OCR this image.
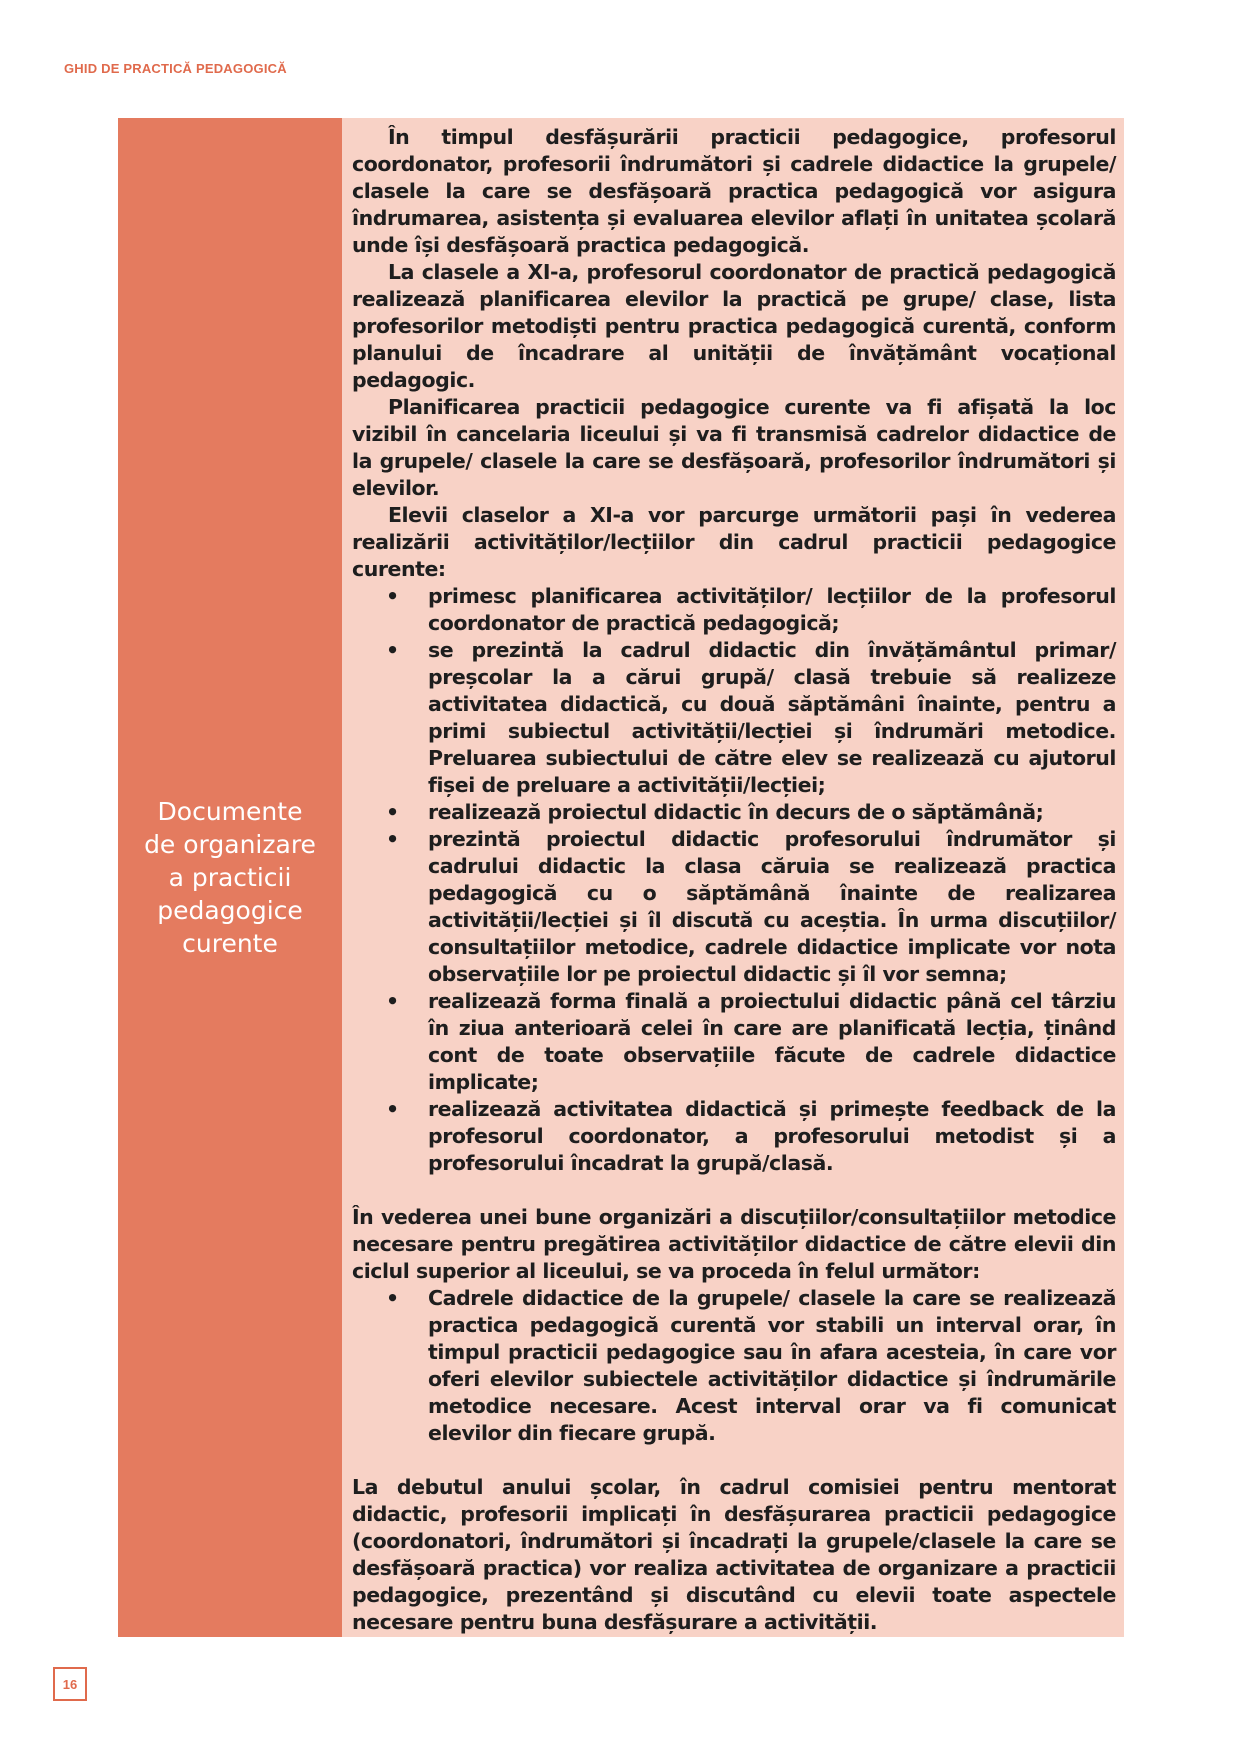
GHID DE PRACTICĂ PEDAGOGICĂ
Documente
de organizare
a practicii
pedagogice
curente

În timpul desfășurării practicii pedagogice, profesorul coordonator, profesorii îndrumători și cadrele didactice la grupele/ clasele la care se desfășoară practica pedagogică vor asigura îndrumarea, asistența și evaluarea elevilor aflați în unitatea școlară unde își desfășoară practica pedagogică.

La clasele a XI-a, profesorul coordonator de practică pedagogică realizează planificarea elevilor la practică pe grupe/ clase, lista profesorilor metodiști pentru practica pedagogică curentă, conform planului de încadrare al unității de învățământ vocațional pedagogic.

Planificarea practicii pedagogice curente va fi afișată la loc vizibil în cancelaria liceului și va fi transmisă cadrelor didactice de la grupele/ clasele la care se desfășoară, profesorilor îndrumători și elevilor.

Elevii claselor a XI-a vor parcurge următorii pași în vederea realizării activităților/lecțiilor din cadrul practicii pedagogice curente:

• primesc planificarea activităților/ lecțiilor de la profesorul coordonator de practică pedagogică;
• se prezintă la cadrul didactic din învățământul primar/ preșcolar la a cărui grupă/ clasă trebuie să realizeze activitatea didactică, cu două săptămâni înainte, pentru a primi subiectul activității/lecției și îndrumări metodice. Preluarea subiectului de către elev se realizează cu ajutorul fișei de preluare a activității/lecției;
• realizează proiectul didactic în decurs de o săptămână;
• prezintă proiectul didactic profesorului îndrumător și cadrului didactic la clasa căruia se realizează practica pedagogică cu o săptămână înainte de realizarea activității/lecției și îl discută cu aceștia. În urma discuțiilor/ consultațiilor metodice, cadrele didactice implicate vor nota observațiile lor pe proiectul didactic și îl vor semna;
• realizează forma finală a proiectului didactic până cel târziu în ziua anterioară celei în care are planificată lecția, ținând cont de toate observațiile făcute de cadrele didactice implicate;
• realizează activitatea didactică și primește feedback de la profesorul coordonator, a profesorului metodist și a profesorului încadrat la grupă/clasă.

În vederea unei bune organizări a discuțiilor/consultațiilor metodice necesare pentru pregătirea activităților didactice de către elevii din ciclul superior al liceului, se va proceda în felul următor:

• Cadrele didactice de la grupele/ clasele la care se realizează practica pedagogică curentă vor stabili un interval orar, în timpul practicii pedagogice sau în afara acesteia, în care vor oferi elevilor subiectele activităților didactice și îndrumările metodice necesare. Acest interval orar va fi comunicat elevilor din fiecare grupă.

La debutul anului școlar, în cadrul comisiei pentru mentorat didactic, profesorii implicați în desfășurarea practicii pedagogice (coordonatori, îndrumători și încadrați la grupele/clasele la care se desfășoară practica) vor realiza activitatea de organizare a practicii pedagogice, prezentând și discutând cu elevii toate aspectele necesare pentru buna desfășurare a activității.

16
